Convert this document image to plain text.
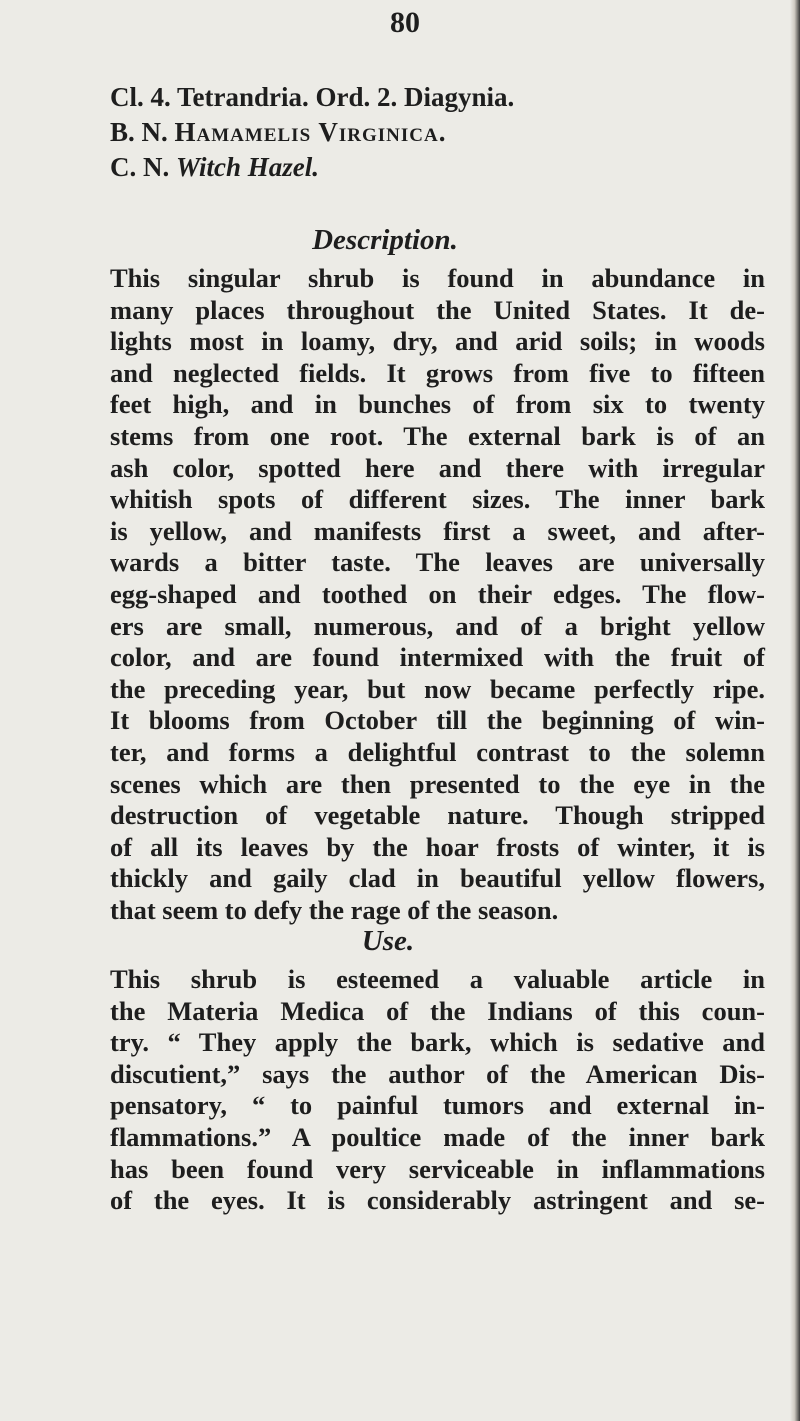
80
Cl. 4. Tetrandria. Ord. 2. Diagynia.
B. N. Hamamelis Virginica.
C. N. Witch Hazel.
Description.
This singular shrub is found in abundance in
many places throughout the United States. It de-
lights most in loamy, dry, and arid soils; in woods
and neglected fields. It grows from five to fifteen
feet high, and in bunches of from six to twenty
stems from one root. The external bark is of an
ash color, spotted here and there with irregular
whitish spots of different sizes. The inner bark
is yellow, and manifests first a sweet, and after-
wards a bitter taste. The leaves are universally
egg-shaped and toothed on their edges. The flow-
ers are small, numerous, and of a bright yellow
color, and are found intermixed with the fruit of
the preceding year, but now became perfectly ripe.
It blooms from October till the beginning of win-
ter, and forms a delightful contrast to the solemn
scenes which are then presented to the eye in the
destruction of vegetable nature. Though stripped
of all its leaves by the hoar frosts of winter, it is
thickly and gaily clad in beautiful yellow flowers,
that seem to defy the rage of the season.
Use.
This shrub is esteemed a valuable article in
the Materia Medica of the Indians of this coun-
try. “ They apply the bark, which is sedative and
discutient,” says the author of the American Dis-
pensatory, “ to painful tumors and external in-
flammations.” A poultice made of the inner bark
has been found very serviceable in inflammations
of the eyes. It is considerably astringent and se-
